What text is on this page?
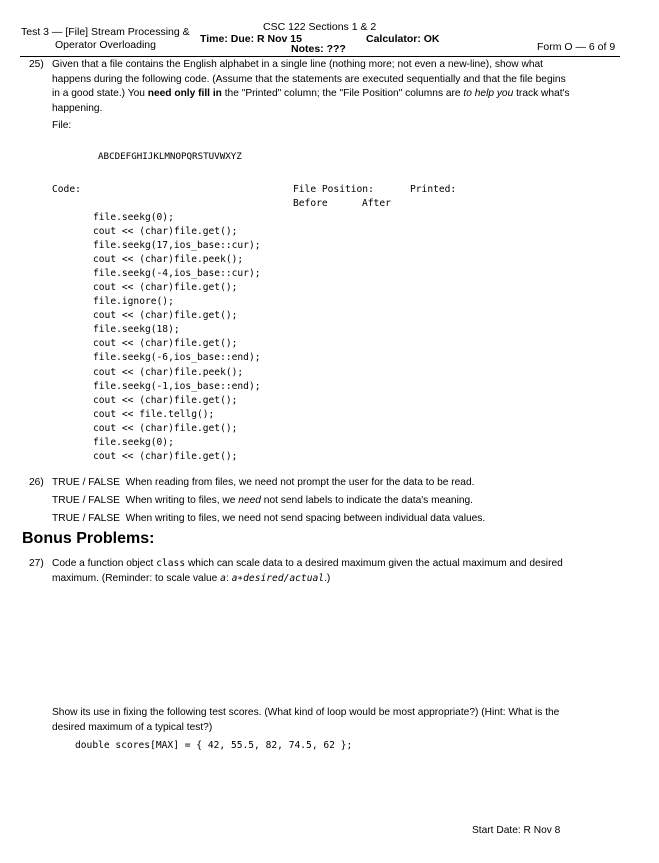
Test 3 — [File] Stream Processing &
Operator Overloading
CSC 122 Sections 1 & 2
Time: Due: R Nov 15	Calculator: OK
Notes: ???	Form O — 6 of 9
25) Given that a file contains the English alphabet in a single line (nothing more; not even a new-line), show what happens during the following code. (Assume that the statements are executed sequentially and that the file begins in a good state.) You need only fill in the "Printed" column; the "File Position" columns are to help you track what's happening.
File:
ABCDEFGHIJKLMNOPQRSTUVWXYZ
Code:	File Position:	Printed:
Before	After
file.seekg(0);
cout << (char)file.get();
file.seekg(17,ios_base::cur);
cout << (char)file.peek();
file.seekg(-4,ios_base::cur);
cout << (char)file.get();
file.ignore();
cout << (char)file.get();
file.seekg(18);
cout << (char)file.get();
file.seekg(-6,ios_base::end);
cout << (char)file.peek();
file.seekg(-1,ios_base::end);
cout << (char)file.get();
cout << file.tellg();
cout << (char)file.get();
file.seekg(0);
cout << (char)file.get();
26) TRUE / FALSE When reading from files, we need not prompt the user for the data to be read.
TRUE / FALSE When writing to files, we need not send labels to indicate the data's meaning.
TRUE / FALSE When writing to files, we need not send spacing between individual data values.
Bonus Problems:
27) Code a function object class which can scale data to a desired maximum given the actual maximum and desired maximum. (Reminder: to scale value a: a∗desired/actual.)
Show its use in fixing the following test scores. (What kind of loop would be most appropriate?) (Hint: What is the desired maximum of a typical test?)
double scores[MAX] = { 42, 55.5, 82, 74.5, 62 };
Start Date: R Nov 8
